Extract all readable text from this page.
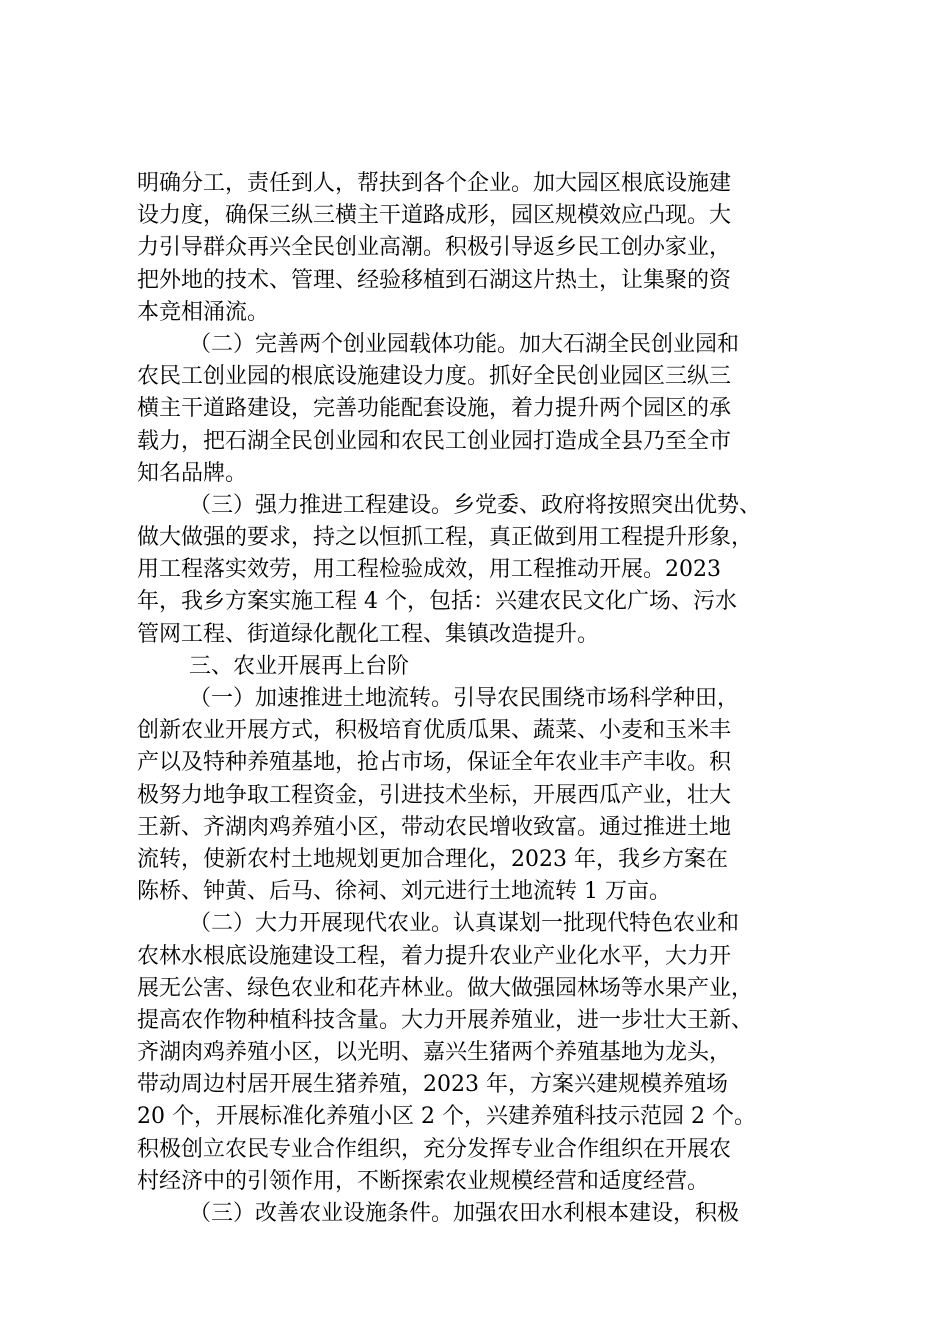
明确分工，责任到人，帮扶到各个企业。加大园区根底设施建
设力度，确保三纵三横主干道路成形，园区规模效应凸现。大
力引导群众再兴全民创业高潮。积极引导返乡民工创办家业，
把外地的技术、管理、经验移植到石湖这片热土，让集聚的资
本竞相涌流。
（二）完善两个创业园载体功能。加大石湖全民创业园和
农民工创业园的根底设施建设力度。抓好全民创业园区三纵三
横主干道路建设，完善功能配套设施，着力提升两个园区的承
载力，把石湖全民创业园和农民工创业园打造成全县乃至全市
知名品牌。
（三）强力推进工程建设。乡党委、政府将按照突出优势、
做大做强的要求，持之以恒抓工程，真正做到用工程提升形象，
用工程落实效劳，用工程检验成效，用工程推动开展。2023
年，我乡方案实施工程 4 个，包括：兴建农民文化广场、污水
管网工程、街道绿化靓化工程、集镇改造提升。
三、农业开展再上台阶
（一）加速推进土地流转。引导农民围绕市场科学种田，
创新农业开展方式，积极培育优质瓜果、蔬菜、小麦和玉米丰
产以及特种养殖基地，抢占市场，保证全年农业丰产丰收。积
极努力地争取工程资金，引进技术坐标，开展西瓜产业，壮大
王新、齐湖肉鸡养殖小区，带动农民增收致富。通过推进土地
流转，使新农村土地规划更加合理化，2023 年，我乡方案在
陈桥、钟黄、后马、徐祠、刘元进行土地流转 1 万亩。
（二）大力开展现代农业。认真谋划一批现代特色农业和
农林水根底设施建设工程，着力提升农业产业化水平，大力开
展无公害、绿色农业和花卉林业。做大做强园林场等水果产业，
提高农作物种植科技含量。大力开展养殖业，进一步壮大王新、
齐湖肉鸡养殖小区，以光明、嘉兴生猪两个养殖基地为龙头，
带动周边村居开展生猪养殖，2023 年，方案兴建规模养殖场
20 个，开展标准化养殖小区 2 个，兴建养殖科技示范园 2 个。
积极创立农民专业合作组织，充分发挥专业合作组织在开展农
村经济中的引领作用，不断探索农业规模经营和适度经营。
（三）改善农业设施条件。加强农田水利根本建设，积极
